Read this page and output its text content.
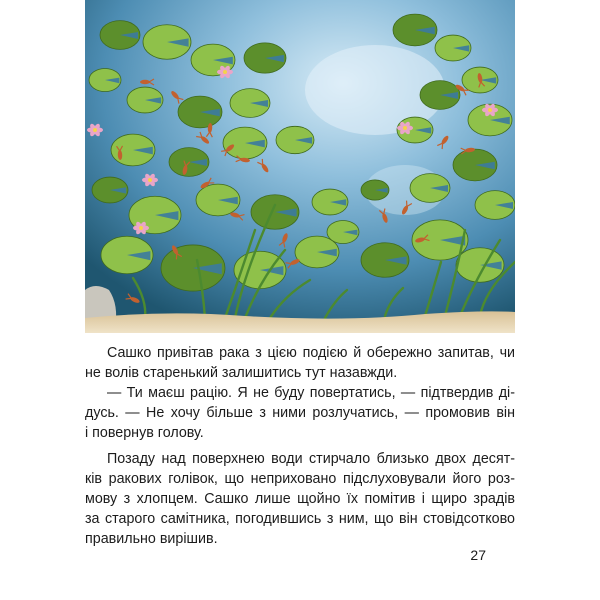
Сашко привітав рака з цією подією й обережно запитав, чи
не волів старенький залишитись тут назавжди.

— Ти маєш рацію. Я не буду повертатись, — підтвердив ді-
дусь. — Не хочу більше з ними розлучатись, — промовив він
і повернув голову.

Позаду над поверхнею води стирчало близько двох десят-
ків ракових голівок, що неприховано підслуховували його роз-
мову з хлопцем. Сашко лише щойно їх помітив і щиро зрадів
за старого самітника, погодившись з ним, що він стовідсотково
правильно вирішив.

27
